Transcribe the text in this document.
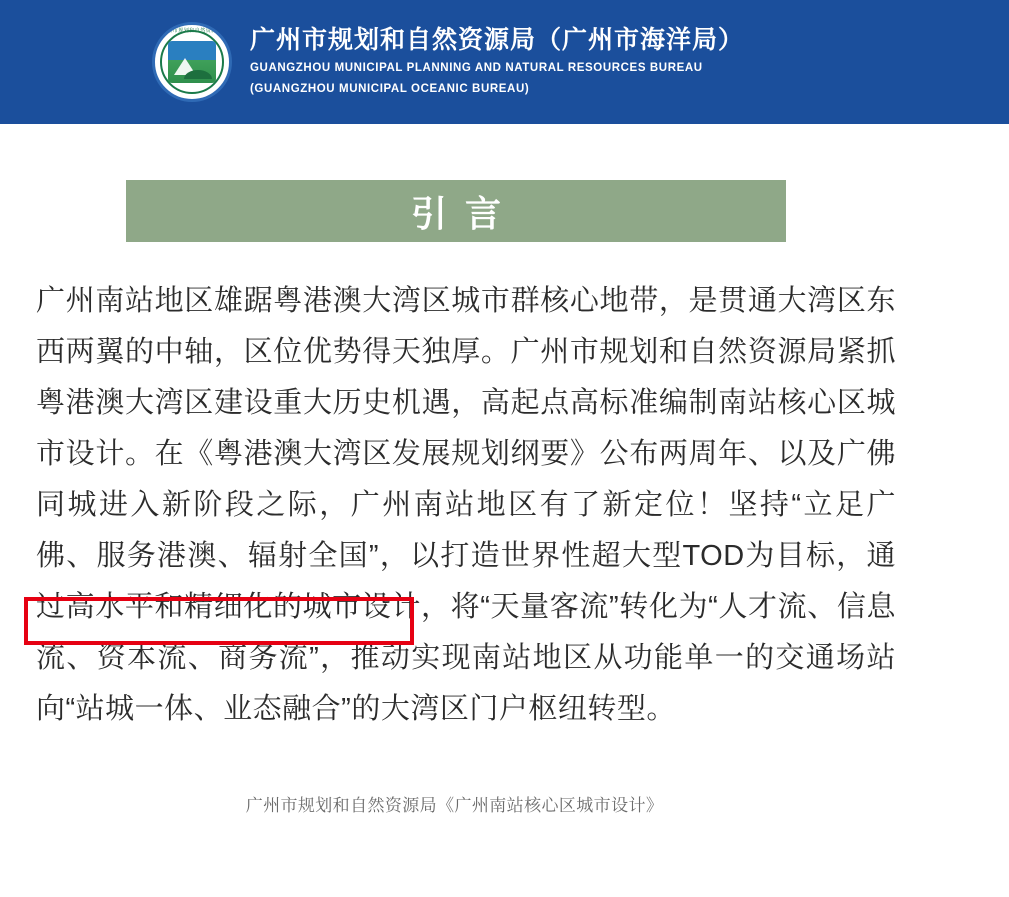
广州市规划和自然资源局 广州市规划和自然资源局（广州市海洋局）
GUANGZHOU MUNICIPAL PLANNING AND NATURAL RESOURCES BUREAU
(GUANGZHOU MUNICIPAL OCEANIC BUREAU)
引言

广州南站地区雄踞粤港澳大湾区城市群核心地带，是贯通大湾区东西两翼的中轴，区位优势得天独厚。广州市规划和自然资源局紧抓粤港澳大湾区建设重大历史机遇，高起点高标准编制南站核心区城市设计。在《粤港澳大湾区发展规划纲要》公布两周年、以及广佛同城进入新阶段之际，广州南站地区有了新定位！坚持“立足广佛、服务港澳、辐射全国”，以打造世界性超大型TOD为目标，通过高水平和精细化的城市设计，将“天量客流”转化为“人才流、信息流、资本流、商务流”，推动实现南站地区从功能单一的交通场站向“站城一体、业态融合”的大湾区门户枢纽转型。

广州市规划和自然资源局《广州南站核心区城市设计》
